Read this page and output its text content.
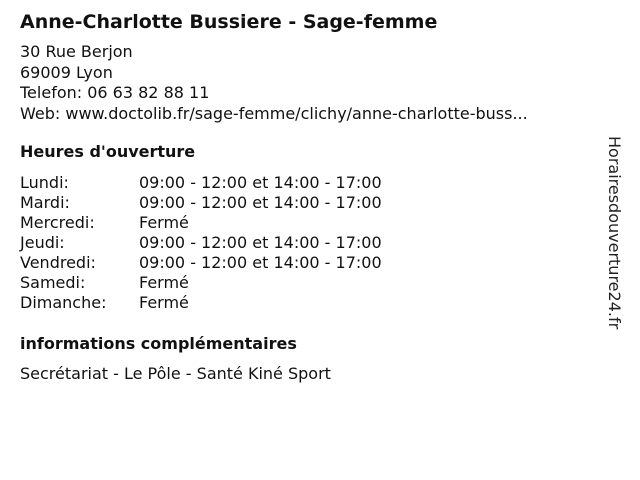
Anne-Charlotte Bussiere - Sage-femme
30 Rue Berjon
69009 Lyon
Telefon: 06 63 82 88 11
Web: www.doctolib.fr/sage-femme/clichy/anne-charlotte-buss...
Heures d'ouverture
Lundi:	09:00 - 12:00 et 14:00 - 17:00
Mardi:	09:00 - 12:00 et 14:00 - 17:00
Mercredi:	Fermé
Jeudi:	09:00 - 12:00 et 14:00 - 17:00
Vendredi:	09:00 - 12:00 et 14:00 - 17:00
Samedi:	Fermé
Dimanche:	Fermé
informations complémentaires
Secrétariat - Le Pôle - Santé Kiné Sport
Horairesdouverture24.fr
